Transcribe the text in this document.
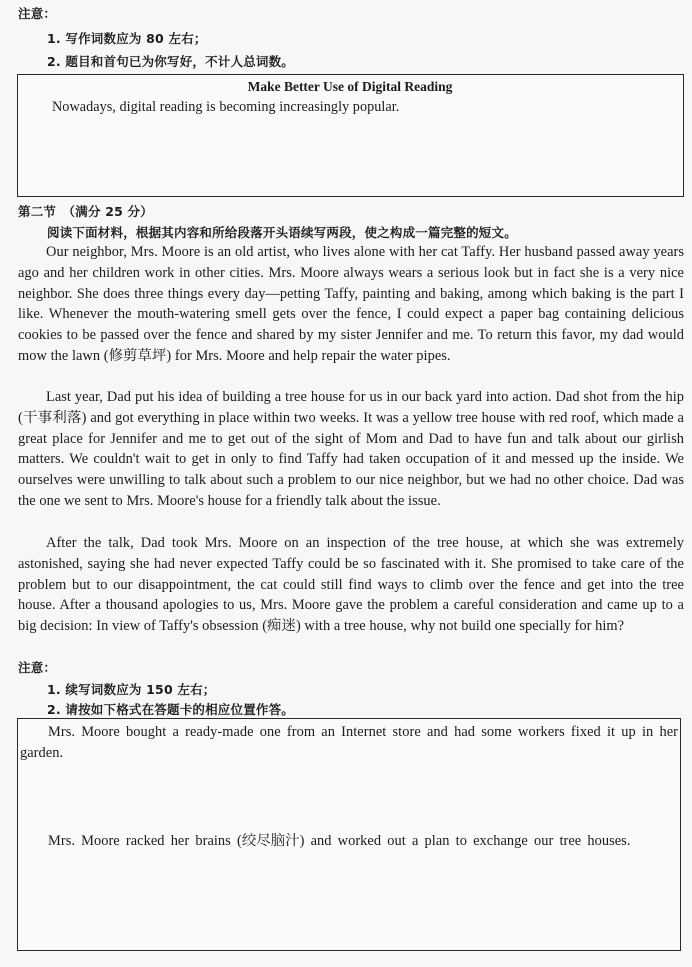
注意：
1. 写作词数应为 80 左右；
2. 题目和首句已为你写好，不计人总词数。
Make Better Use of Digital Reading
Nowadays, digital reading is becoming increasingly popular.
第二节　（满分 25 分）
阅读下面材料，根据其内容和所给段落开头语续写两段，使之构成一篇完整的短文。
Our neighbor, Mrs. Moore is an old artist, who lives alone with her cat Taffy. Her husband passed away years ago and her children work in other cities. Mrs. Moore always wears a serious look but in fact she is a very nice neighbor. She does three things every day—petting Taffy, painting and baking, among which baking is the part I like. Whenever the mouth-watering smell gets over the fence, I could expect a paper bag containing delicious cookies to be passed over the fence and shared by my sister Jennifer and me. To return this favor, my dad would mow the lawn (修剪草坪) for Mrs. Moore and help repair the water pipes.
Last year, Dad put his idea of building a tree house for us in our back yard into action. Dad shot from the hip (干事利落) and got everything in place within two weeks. It was a yellow tree house with red roof, which made a great place for Jennifer and me to get out of the sight of Mom and Dad to have fun and talk about our girlish matters. We couldn't wait to get in only to find Taffy had taken occupation of it and messed up the inside. We ourselves were unwilling to talk about such a problem to our nice neighbor, but we had no other choice. Dad was the one we sent to Mrs. Moore's house for a friendly talk about the issue.
After the talk, Dad took Mrs. Moore on an inspection of the tree house, at which she was extremely astonished, saying she had never expected Taffy could be so fascinated with it. She promised to take care of the problem but to our disappointment, the cat could still find ways to climb over the fence and get into the tree house. After a thousand apologies to us, Mrs. Moore gave the problem a careful consideration and came up to a big decision: In view of Taffy's obsession (痴迷) with a tree house, why not build one specially for him?
注意：
1. 续写词数应为 150 左右；
2. 请按如下格式在答题卡的相应位置作答。
Mrs. Moore bought a ready-made one from an Internet store and had some workers fixed it up in her garden.
Mrs. Moore racked her brains (绞尽脑汁) and worked out a plan to exchange our tree houses.
